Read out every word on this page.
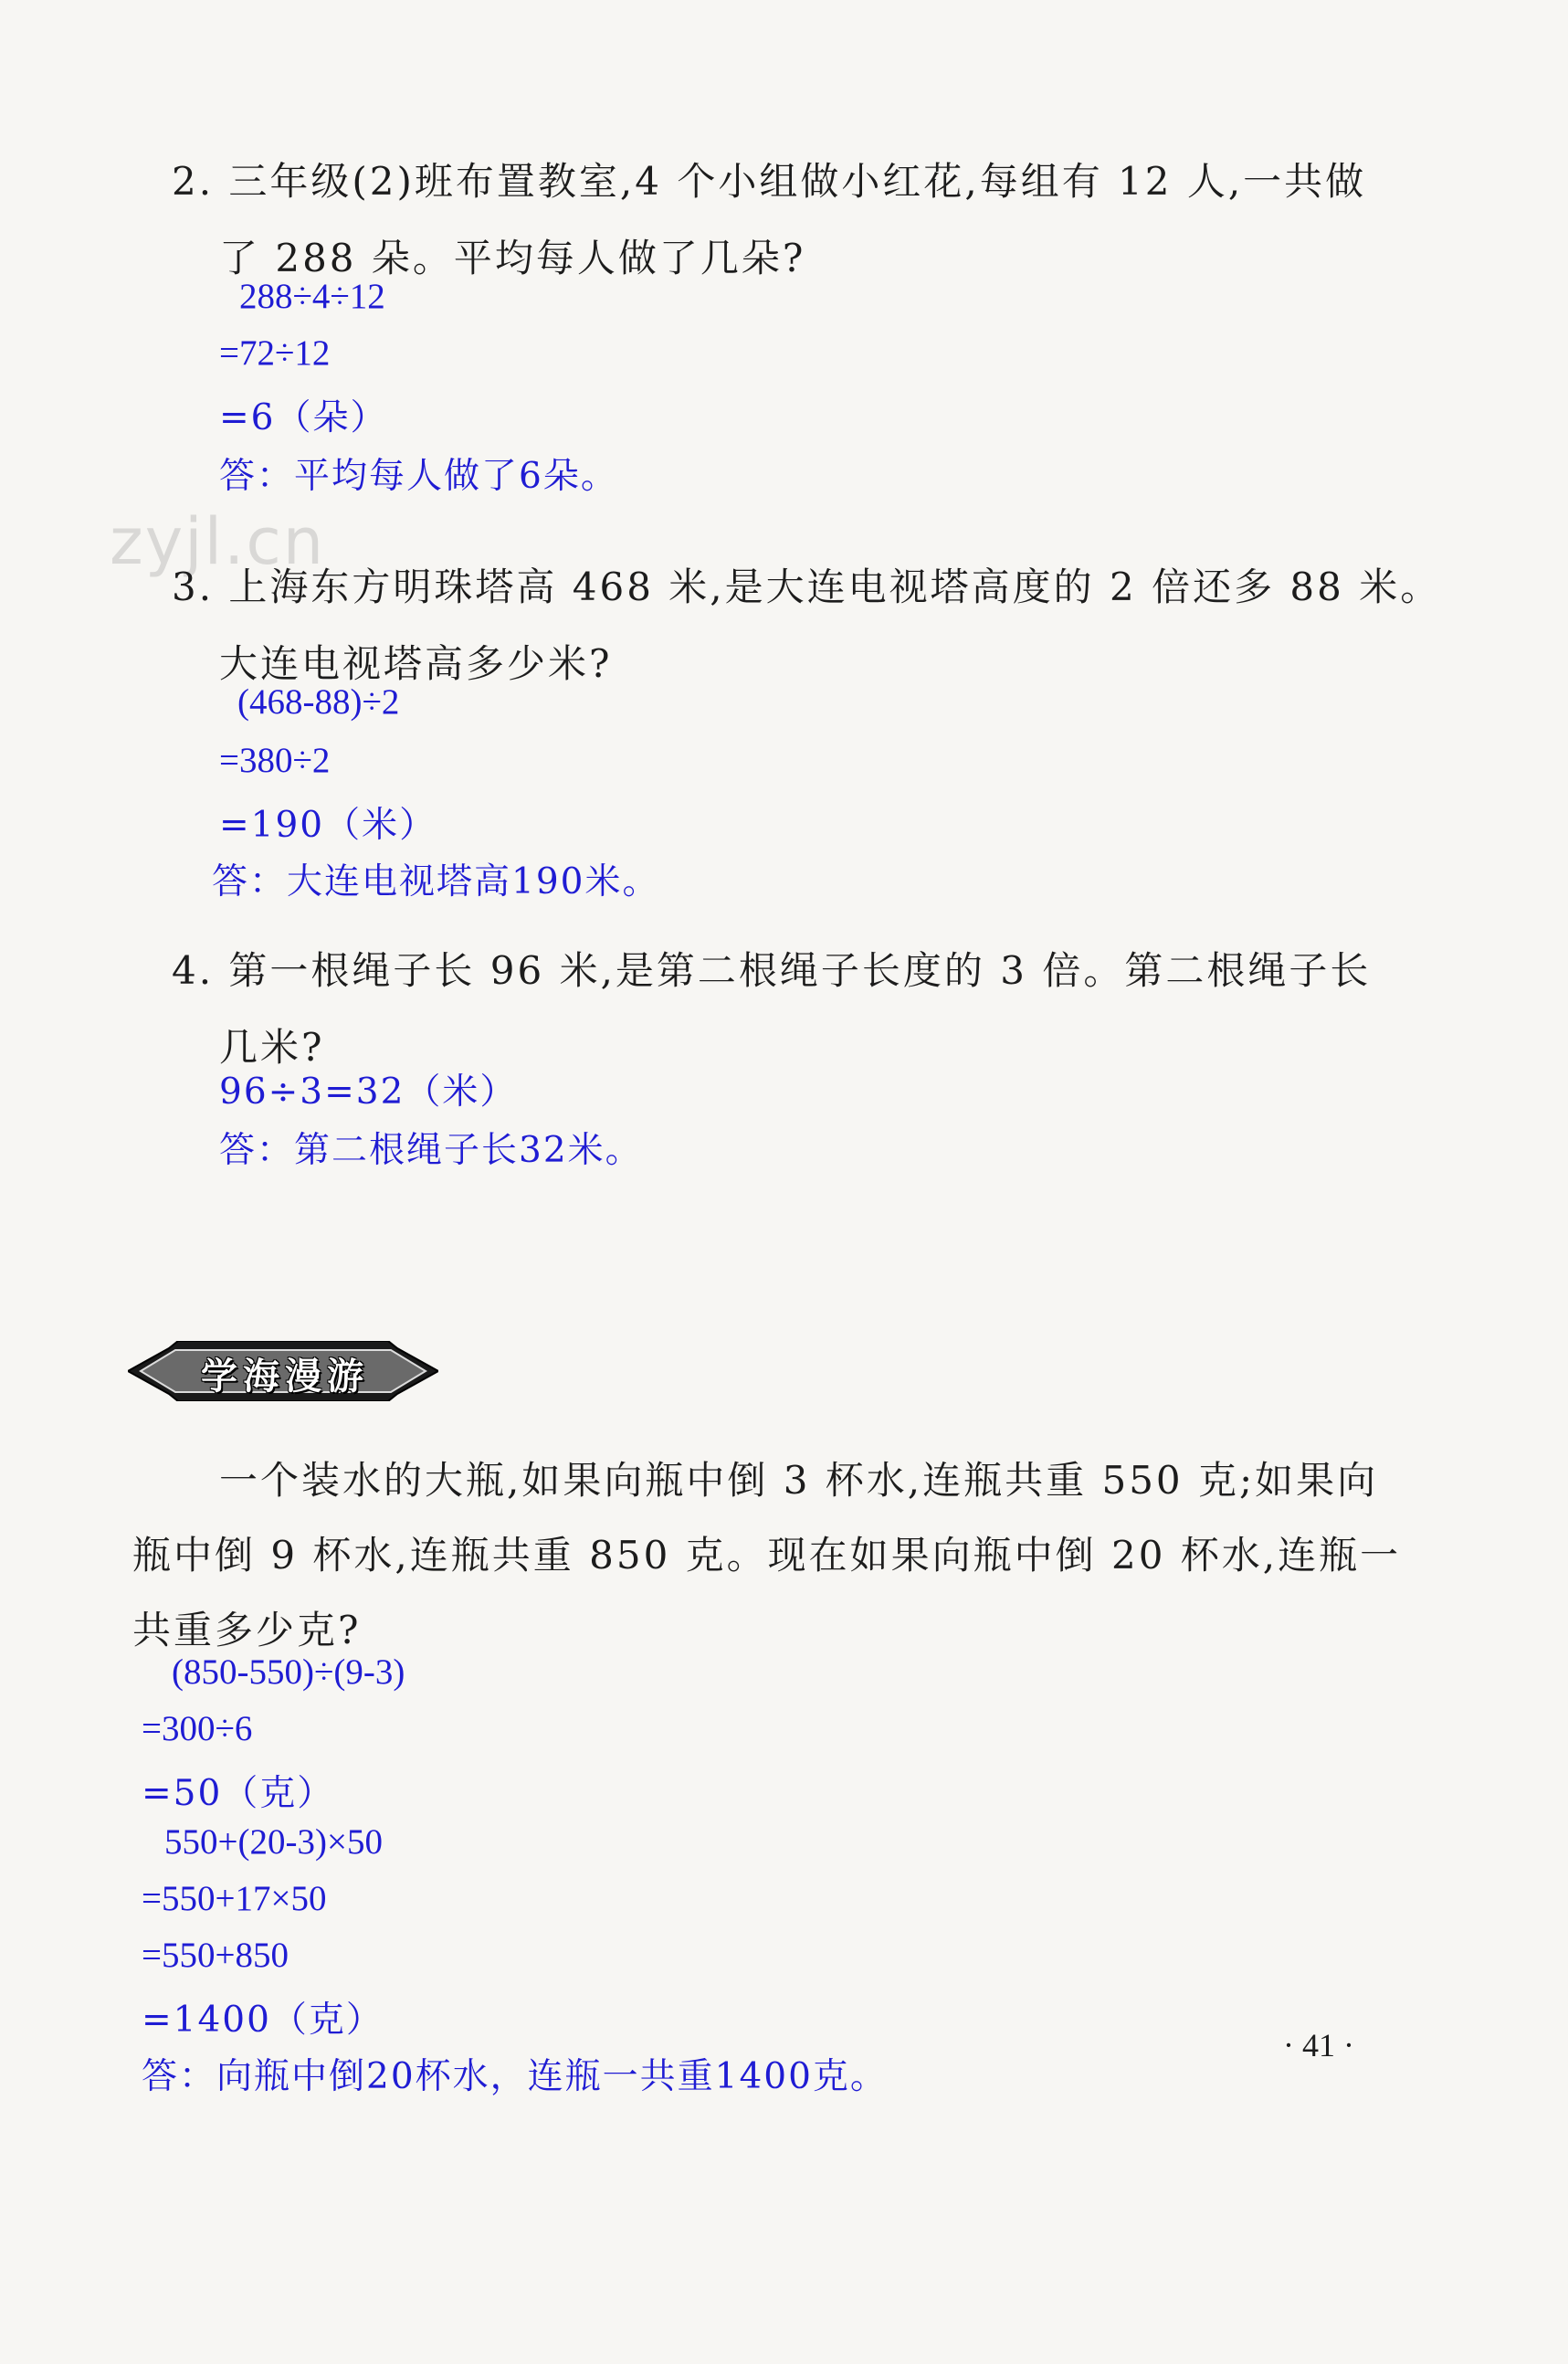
2. 三年级(2)班布置教室,4 个小组做小红花,每组有 12 人,一共做
了 288 朵。平均每人做了几朵?
288÷4÷12
=72÷12
=6（朵）
答：平均每人做了6朵。
zyjl.cn
3. 上海东方明珠塔高 468 米,是大连电视塔高度的 2 倍还多 88 米。
大连电视塔高多少米?
(468-88)÷2
=380÷2
=190（米）
答：大连电视塔高190米。
4. 第一根绳子长 96 米,是第二根绳子长度的 3 倍。第二根绳子长
几米?
96÷3=32（米）
答：第二根绳子长32米。
学海漫游
一个装水的大瓶,如果向瓶中倒 3 杯水,连瓶共重 550 克;如果向
瓶中倒 9 杯水,连瓶共重 850 克。现在如果向瓶中倒 20 杯水,连瓶一
共重多少克?
(850-550)÷(9-3)
=300÷6
=50（克）
550+(20-3)×50
=550+17×50
=550+850
=1400（克）
答：向瓶中倒20杯水，连瓶一共重1400克。
· 41 ·
